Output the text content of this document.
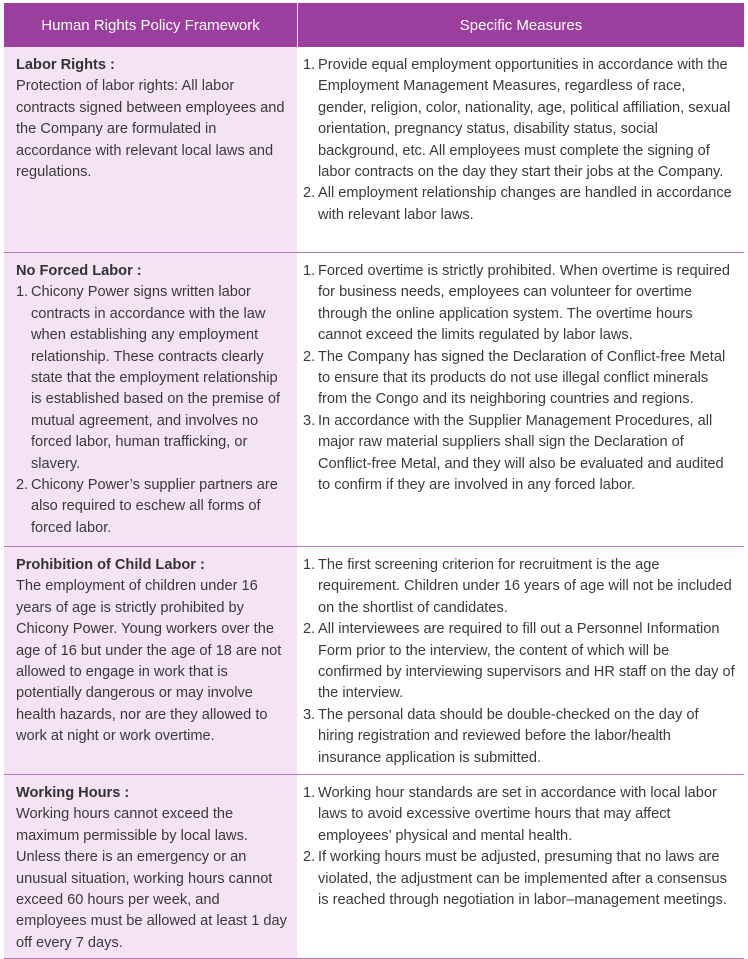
Human Rights Policy Framework	Specific Measures
Labor Rights :
Protection of labor rights: All labor contracts signed between employees and the Company are formulated in accordance with relevant local laws and regulations.
1. Provide equal employment opportunities in accordance with the Employment Management Measures, regardless of race, gender, religion, color, nationality, age, political affiliation, sexual orientation, pregnancy status, disability status, social background, etc. All employees must complete the signing of labor contracts on the day they start their jobs at the Company.
2. All employment relationship changes are handled in accordance with relevant labor laws.
No Forced Labor :
1. Chicony Power signs written labor contracts in accordance with the law when establishing any employment relationship. These contracts clearly state that the employment relationship is established based on the premise of mutual agreement, and involves no forced labor, human trafficking, or slavery.
2. Chicony Power’s supplier partners are also required to eschew all forms of forced labor.
1. Forced overtime is strictly prohibited. When overtime is required for business needs, employees can volunteer for overtime through the online application system. The overtime hours cannot exceed the limits regulated by labor laws.
2. The Company has signed the Declaration of Conflict-free Metal to ensure that its products do not use illegal conflict minerals from the Congo and its neighboring countries and regions.
3. In accordance with the Supplier Management Procedures, all major raw material suppliers shall sign the Declaration of Conflict-free Metal, and they will also be evaluated and audited to confirm if they are involved in any forced labor.
Prohibition of Child Labor :
The employment of children under 16 years of age is strictly prohibited by Chicony Power. Young workers over the age of 16 but under the age of 18 are not allowed to engage in work that is potentially dangerous or may involve health hazards, nor are they allowed to work at night or work overtime.
1. The first screening criterion for recruitment is the age requirement. Children under 16 years of age will not be included on the shortlist of candidates.
2. All interviewees are required to fill out a Personnel Information Form prior to the interview, the content of which will be confirmed by interviewing supervisors and HR staff on the day of the interview.
3. The personal data should be double-checked on the day of hiring registration and reviewed before the labor/health insurance application is submitted.
Working Hours :
Working hours cannot exceed the maximum permissible by local laws. Unless there is an emergency or an unusual situation, working hours cannot exceed 60 hours per week, and employees must be allowed at least 1 day off every 7 days.
1. Working hour standards are set in accordance with local labor laws to avoid excessive overtime hours that may affect employees’ physical and mental health.
2. If working hours must be adjusted, presuming that no laws are violated, the adjustment can be implemented after a consensus is reached through negotiation in labor–management meetings.
